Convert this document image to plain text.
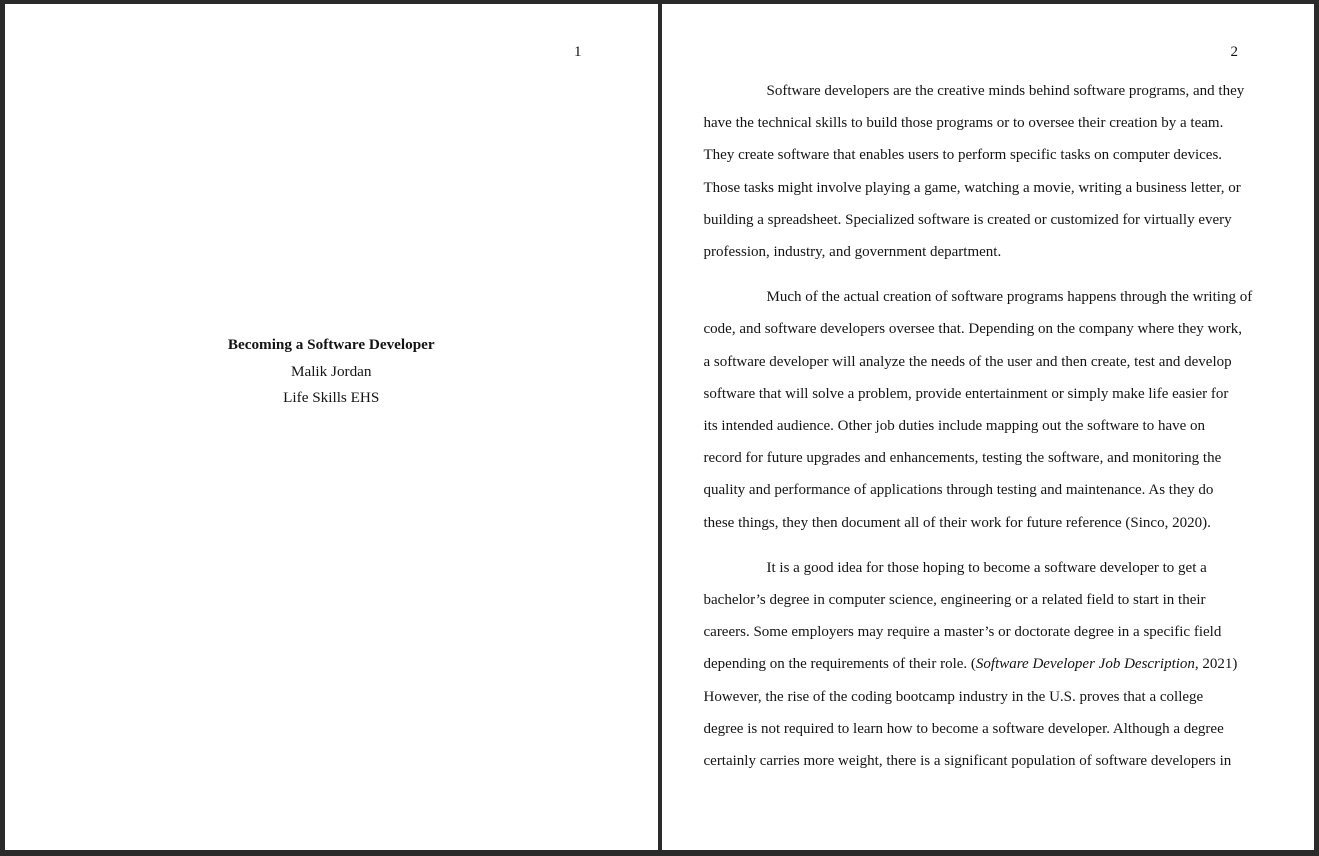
1
Becoming a Software Developer
Malik Jordan
Life Skills EHS
2

Software developers are the creative minds behind software programs, and they
have the technical skills to build those programs or to oversee their creation by a team.
They create software that enables users to perform specific tasks on computer devices.
Those tasks might involve playing a game, watching a movie, writing a business letter, or
building a spreadsheet. Specialized software is created or customized for virtually every
profession, industry, and government department.

Much of the actual creation of software programs happens through the writing of
code, and software developers oversee that. Depending on the company where they work,
a software developer will analyze the needs of the user and then create, test and develop
software that will solve a problem, provide entertainment or simply make life easier for
its intended audience. Other job duties include mapping out the software to have on
record for future upgrades and enhancements, testing the software, and monitoring the
quality and performance of applications through testing and maintenance. As they do
these things, they then document all of their work for future reference (Sinco, 2020).

It is a good idea for those hoping to become a software developer to get a
bachelor’s degree in computer science, engineering or a related field to start in their
careers. Some employers may require a master’s or doctorate degree in a specific field
depending on the requirements of their role. (Software Developer Job Description, 2021)
However, the rise of the coding bootcamp industry in the U.S. proves that a college
degree is not required to learn how to become a software developer. Although a degree
certainly carries more weight, there is a significant population of software developers in
